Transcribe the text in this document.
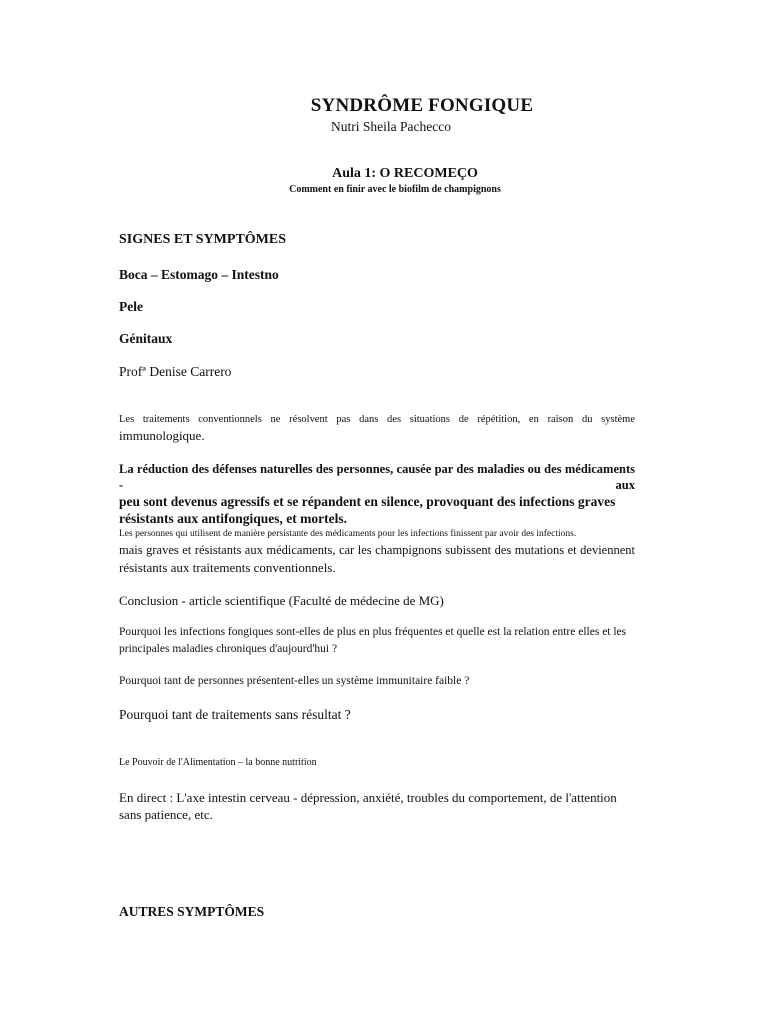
SYNDRÔME FONGIQUE

Nutri Sheila Pachecco

Aula 1: O RECOMEÇO

Comment en finir avec le biofilm de champignons

SIGNES ET SYMPTÔMES

Boca – Estomago – Intestno

Pele

Génitaux

Profª Denise Carrero

Les traitements conventionnels ne résolvent pas dans des situations de répétition, en raison du système
immunologique.
La réduction des défenses naturelles des personnes, causée par des maladies ou des médicaments - aux
peu sont devenus agressifs et se répandent en silence, provoquant des infections graves
résistants aux antifongiques, et mortels.
Les personnes qui utilisent de manière persistante des médicaments pour les infections finissent par avoir des infections.
mais graves et résistants aux médicaments, car les champignons subissent des mutations et deviennent
résistants aux traitements conventionnels.

Conclusion - article scientifique (Faculté de médecine de MG)

Pourquoi les infections fongiques sont-elles de plus en plus fréquentes et quelle est la relation entre elles et les
principales maladies chroniques d'aujourd'hui ?

Pourquoi tant de personnes présentent-elles un système immunitaire faible ?

Pourquoi tant de traitements sans résultat ?

Le Pouvoir de l'Alimentation – la bonne nutrition

En direct : L'axe intestin cerveau - dépression, anxiété, troubles du comportement, de l'attention
sans patience, etc.
AUTRES SYMPTÔMES
